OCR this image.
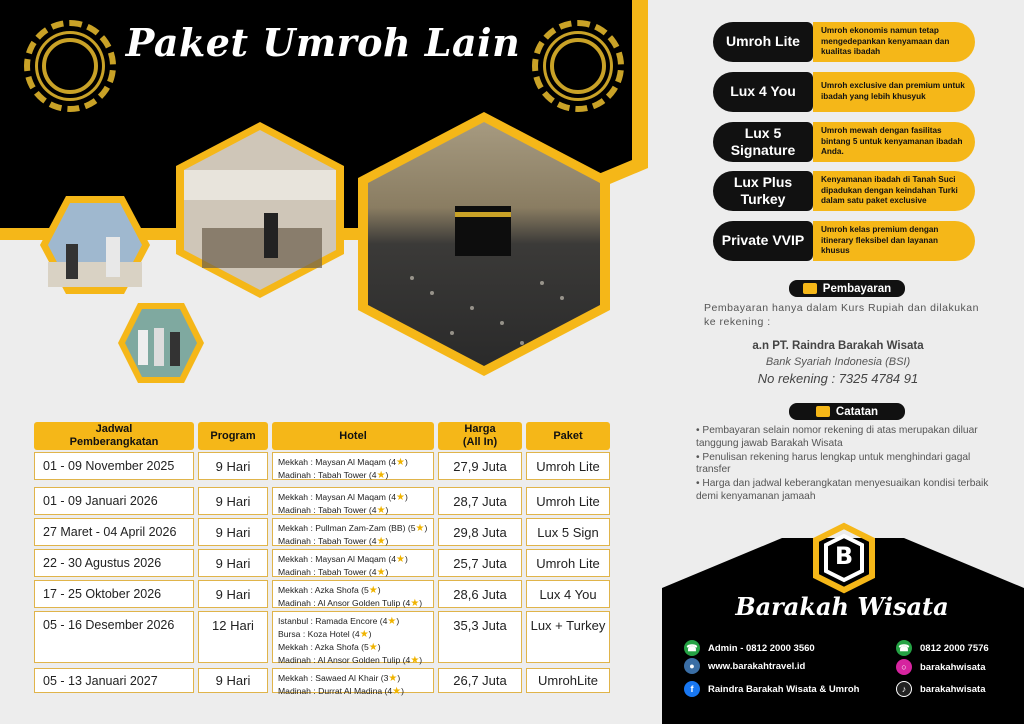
Paket Umroh Lain
Jadwal Pemberangkatan
Program	Hotel
Harga (All In)
Paket
01 - 09 November 2025	9 Hari	Mekkah : Maysan Al Maqam (4★)
Madinah : Tabah Tower (4★)
27,9 Juta	Umroh Lite
01 - 09 Januari 2026	9 Hari	Mekkah : Maysan Al Maqam (4★)
Madinah : Tabah Tower (4★)
28,7 Juta	Umroh Lite
27 Maret - 04 April 2026	9 Hari	Mekkah : Pullman Zam-Zam (BB) (5★)
Madinah : Tabah Tower (4★)
29,8 Juta	Lux 5 Sign
22 - 30 Agustus 2026	9 Hari	Mekkah : Maysan Al Maqam (4★)
Madinah : Tabah Tower (4★)
25,7 Juta	Umroh Lite
17 - 25 Oktober 2026	9 Hari	Mekkah : Azka Shofa (5★)
Madinah : Al Ansor Golden Tulip (4★)
28,6 Juta	Lux 4 You
05 - 16 Desember 2026	12 Hari	Istanbul : Ramada Encore (4★)
Bursa : Koza Hotel (4★)
Mekkah : Azka Shofa (5★)
Madinah : Al Ansor Golden Tulip (4★)
35,3 Juta	Lux + Turkey
05 - 13 Januari 2027	9 Hari	Mekkah : Sawaed Al Khair (3★)
Madinah : Durrat Al Madina (4★)
26,7 Juta	UmrohLite
Umroh ekonomis namun tetap mengedepankan kenyamaan dan kualitas ibadah
Umroh Lite
Umroh exclusive dan premium untuk ibadah yang lebih khusyuk
Lux 4 You
Umroh mewah dengan fasilitas bintang 5 untuk kenyamanan ibadah Anda.
Lux 5 Signature
Kenyamanan ibadah di Tanah Suci dipadukan dengan keindahan Turki dalam satu paket exclusive
Lux Plus Turkey
Umroh kelas premium dengan itinerary fleksibel dan layanan khusus
Private VVIP
Pembayaran
Pembayaran hanya dalam Kurs Rupiah dan dilakukan ke rekening :
a.n PT. Raindra Barakah Wisata
Bank Syariah Indonesia (BSI)
No rekening : 7325 4784 91
Catatan
• Pembayaran selain nomor rekening di atas merupakan diluar tanggung jawab Barakah Wisata
• Penulisan rekening harus lengkap untuk menghindari gagal transfer
• Harga dan jadwal keberangkatan menyesuaikan kondisi terbaik demi kenyamanan jamaah
B
Barakah Wisata
☎ Admin - 0812 2000 3560
●	www.barakahtravel.id
f	Raindra Barakah Wisata & Umroh
☎ 0812 2000 7576
○	barakahwisata
♪	barakahwisata
